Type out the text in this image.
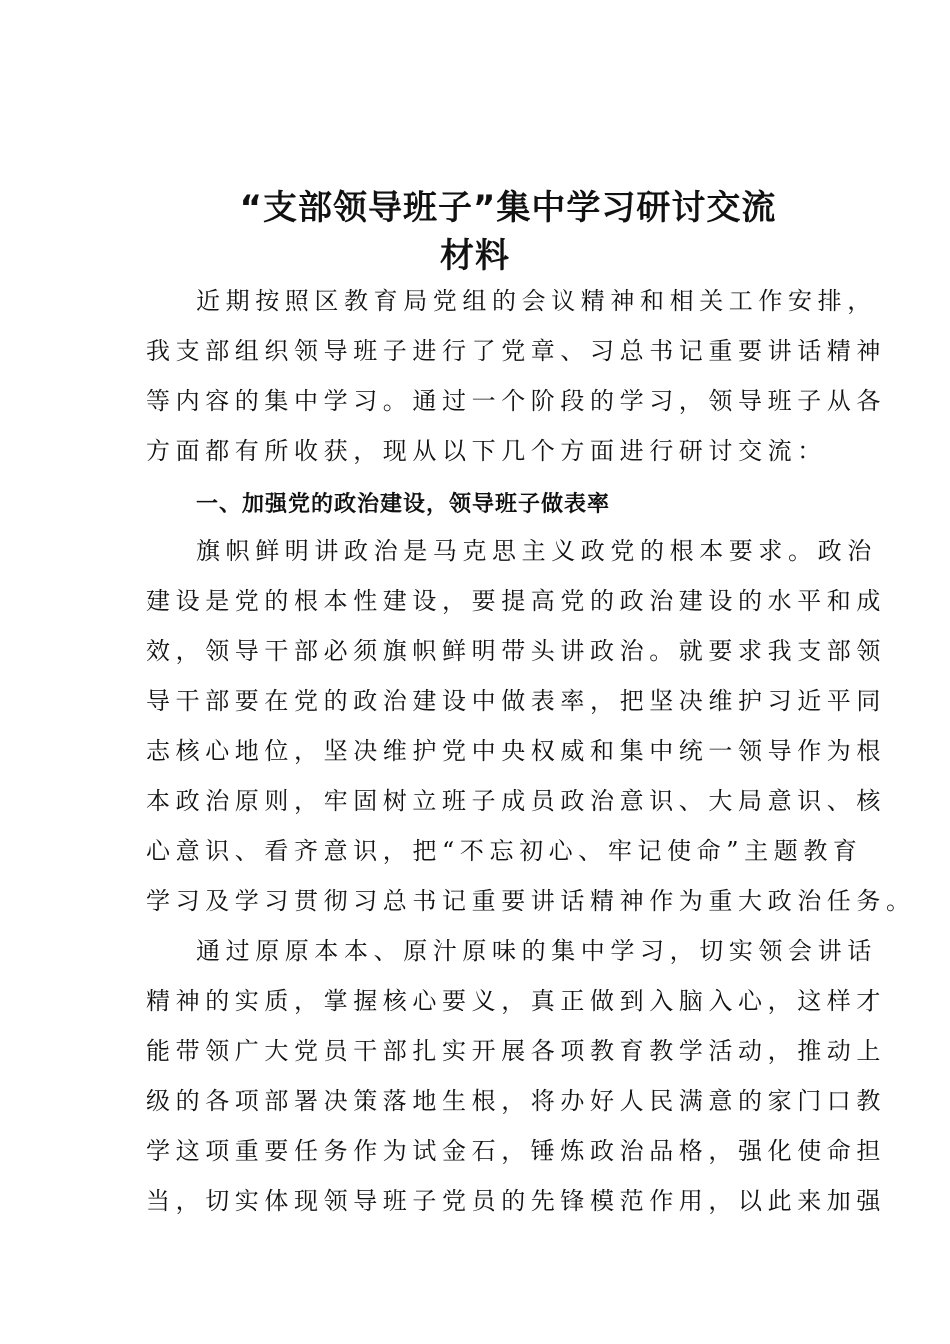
“支部领导班子”集中学习研讨交流
材料
近期按照区教育局党组的会议精神和相关工作安排，
我支部组织领导班子进行了党章、习总书记重要讲话精神
等内容的集中学习。通过一个阶段的学习，领导班子从各
方面都有所收获，现从以下几个方面进行研讨交流：
一、加强党的政治建设，领导班子做表率
旗帜鲜明讲政治是马克思主义政党的根本要求。政治
建设是党的根本性建设，要提高党的政治建设的水平和成
效，领导干部必须旗帜鲜明带头讲政治。就要求我支部领
导干部要在党的政治建设中做表率，把坚决维护习近平同
志核心地位，坚决维护党中央权威和集中统一领导作为根
本政治原则，牢固树立班子成员政治意识、大局意识、核
心意识、看齐意识，把“不忘初心、牢记使命”主题教育
学习及学习贯彻习总书记重要讲话精神作为重大政治任务。
通过原原本本、原汁原味的集中学习，切实领会讲话
精神的实质，掌握核心要义，真正做到入脑入心，这样才
能带领广大党员干部扎实开展各项教育教学活动，推动上
级的各项部署决策落地生根，将办好人民满意的家门口教
学这项重要任务作为试金石，锤炼政治品格，强化使命担
当，切实体现领导班子党员的先锋模范作用，以此来加强
